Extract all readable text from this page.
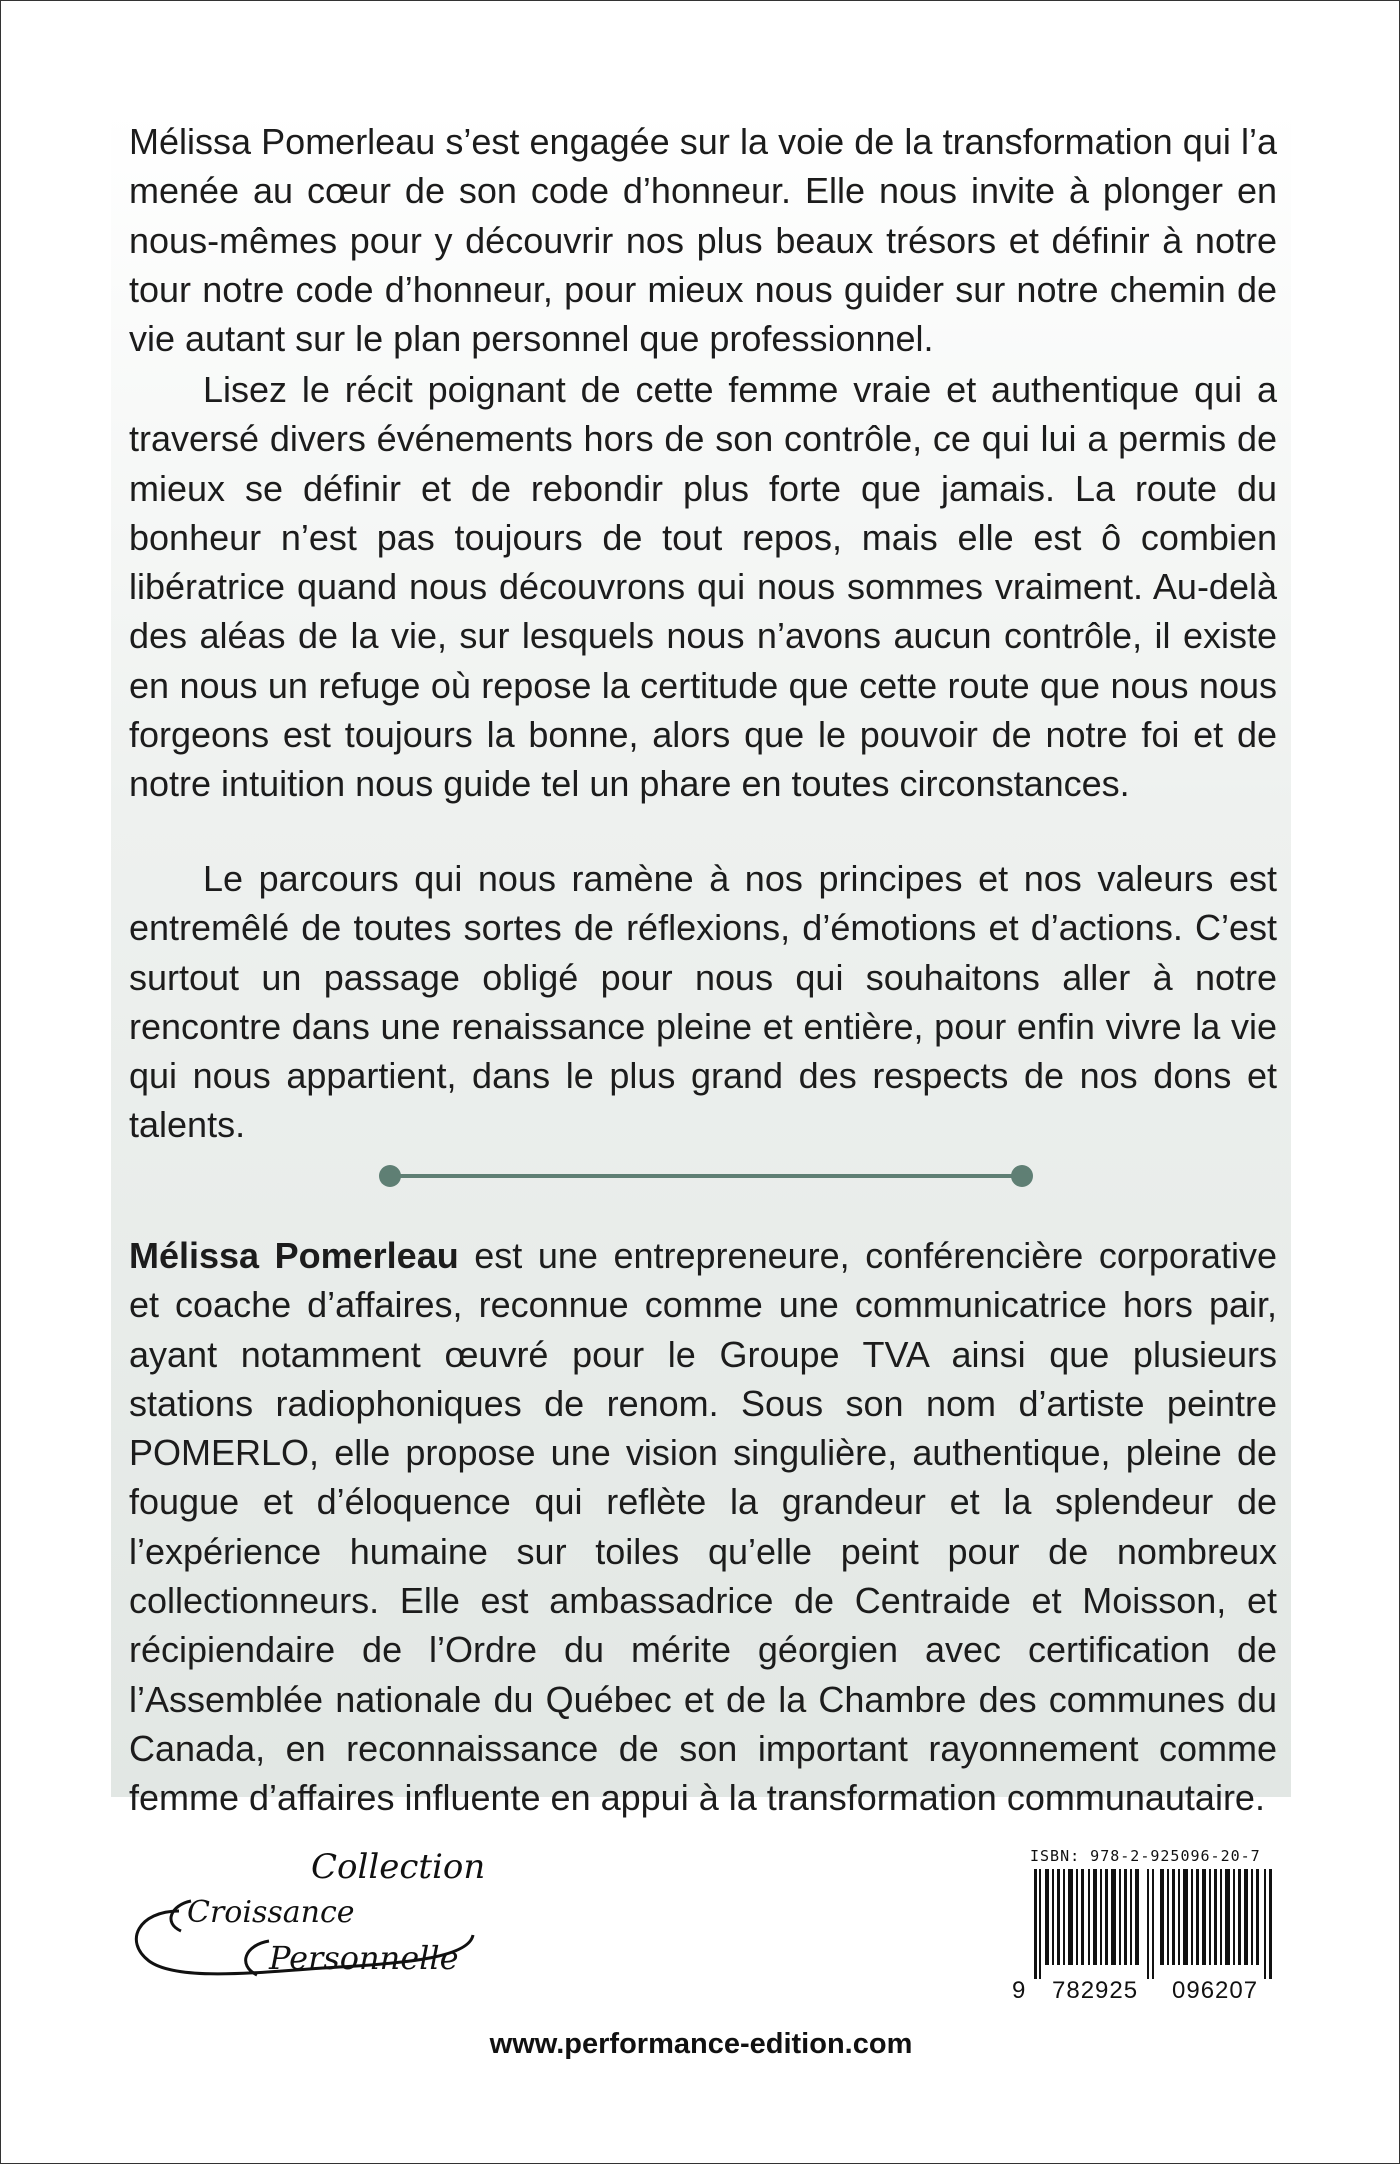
Mélissa Pomerleau s’est engagée sur la voie de la transformation qui l’a menée au cœur de son code d’honneur. Elle nous invite à plonger en nous-mêmes pour y découvrir nos plus beaux trésors et définir à notre tour notre code d’honneur, pour mieux nous guider sur notre chemin de vie autant sur le plan personnel que professionnel.

Lisez le récit poignant de cette femme vraie et authentique qui a traversé divers événements hors de son contrôle, ce qui lui a permis de mieux se définir et de rebondir plus forte que jamais. La route du bonheur n’est pas toujours de tout repos, mais elle est ô combien libératrice quand nous découvrons qui nous sommes vraiment. Au-delà des aléas de la vie, sur lesquels nous n’avons aucun contrôle, il existe en nous un refuge où repose la certitude que cette route que nous nous forgeons est toujours la bonne, alors que le pouvoir de notre foi et de notre intuition nous guide tel un phare en toutes circonstances.

Le parcours qui nous ramène à nos principes et nos valeurs est entremêlé de toutes sortes de réflexions, d’émotions et d’actions. C’est surtout un passage obligé pour nous qui souhaitons aller à notre rencontre dans une renaissance pleine et entière, pour enfin vivre la vie qui nous appartient, dans le plus grand des respects de nos dons et talents.

Mélissa Pomerleau est une entrepreneure, conférencière corporative et coache d’affaires, reconnue comme une communicatrice hors pair, ayant notamment œuvré pour le Groupe TVA ainsi que plusieurs stations radiophoniques de renom. Sous son nom d’artiste peintre POMERLO, elle propose une vision singulière, authentique, pleine de fougue et d’éloquence qui reflète la grandeur et la splendeur de l’expérience humaine sur toiles qu’elle peint pour de nombreux collectionneurs. Elle est ambassadrice de Centraide et Moisson, et récipiendaire de l’Ordre du mérite géorgien avec certification de l’Assemblée nationale du Québec et de la Chambre des communes du Canada, en reconnaissance de son important rayonnement comme femme d’affaires influente en appui à la transformation communautaire.

Collection
Croissance
Personnelle
ISBN: 978-2-925096-20-7
9 782925 096207
www.performance-edition.com
